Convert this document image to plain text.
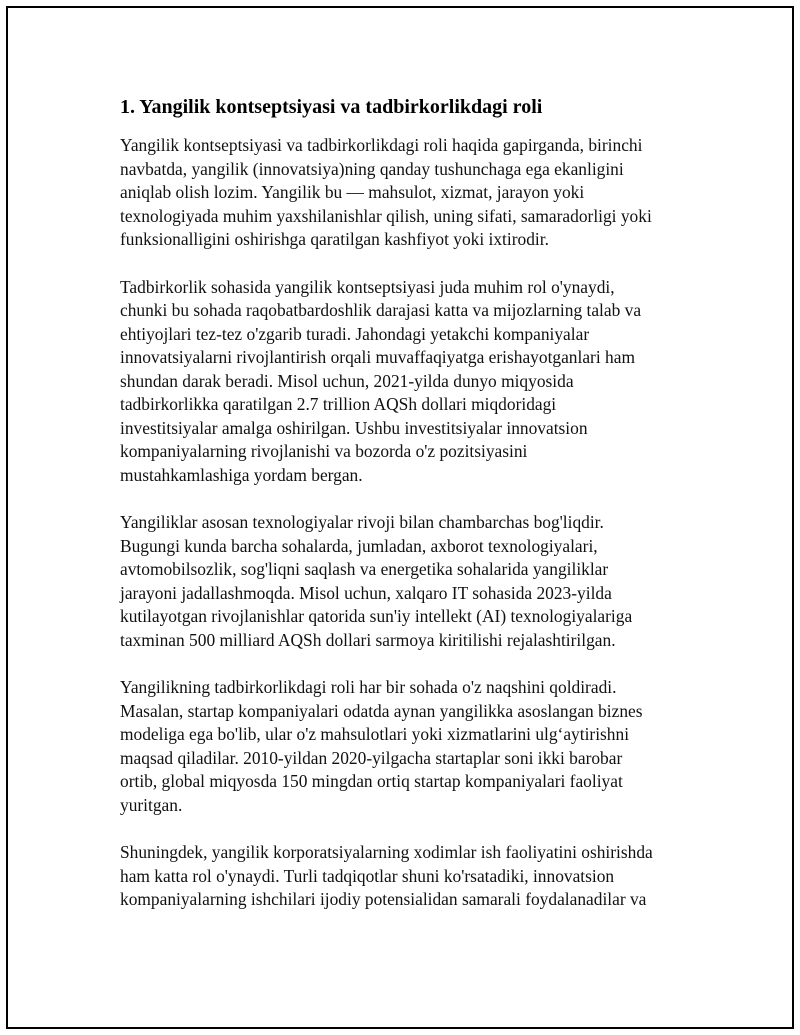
1. Yangilik kontseptsiyasi va tadbirkorlikdagi roli

Yangilik kontseptsiyasi va tadbirkorlikdagi roli haqida gapirganda, birinchi
navbatda, yangilik (innovatsiya)ning qanday tushunchaga ega ekanligini
aniqlab olish lozim. Yangilik bu — mahsulot, xizmat, jarayon yoki
texnologiyada muhim yaxshilanishlar qilish, uning sifati, samaradorligi yoki
funksionalligini oshirishga qaratilgan kashfiyot yoki ixtirodir.

Tadbirkorlik sohasida yangilik kontseptsiyasi juda muhim rol o'ynaydi,
chunki bu sohada raqobatbardoshlik darajasi katta va mijozlarning talab va
ehtiyojlari tez-tez o'zgarib turadi. Jahondagi yetakchi kompaniyalar
innovatsiyalarni rivojlantirish orqali muvaffaqiyatga erishayotganlari ham
shundan darak beradi. Misol uchun, 2021-yilda dunyo miqyosida
tadbirkorlikka qaratilgan 2.7 trillion AQSh dollari miqdoridagi
investitsiyalar amalga oshirilgan. Ushbu investitsiyalar innovatsion
kompaniyalarning rivojlanishi va bozorda o'z pozitsiyasini
mustahkamlashiga yordam bergan.

Yangiliklar asosan texnologiyalar rivoji bilan chambarchas bog'liqdir.
Bugungi kunda barcha sohalarda, jumladan, axborot texnologiyalari,
avtomobilsozlik, sog'liqni saqlash va energetika sohalarida yangiliklar
jarayoni jadallashmoqda. Misol uchun, xalqaro IT sohasida 2023-yilda
kutilayotgan rivojlanishlar qatorida sun'iy intellekt (AI) texnologiyalariga
taxminan 500 milliard AQSh dollari sarmoya kiritilishi rejalashtirilgan.

Yangilikning tadbirkorlikdagi roli har bir sohada o'z naqshini qoldiradi.
Masalan, startap kompaniyalari odatda aynan yangilikka asoslangan biznes
modeliga ega bo'lib, ular o'z mahsulotlari yoki xizmatlarini ulg‘aytirishni
maqsad qiladilar. 2010-yildan 2020-yilgacha startaplar soni ikki barobar
ortib, global miqyosda 150 mingdan ortiq startap kompaniyalari faoliyat
yuritgan.

Shuningdek, yangilik korporatsiyalarning xodimlar ish faoliyatini oshirishda
ham katta rol o'ynaydi. Turli tadqiqotlar shuni ko'rsatadiki, innovatsion
kompaniyalarning ishchilari ijodiy potensialidan samarali foydalanadilar va
